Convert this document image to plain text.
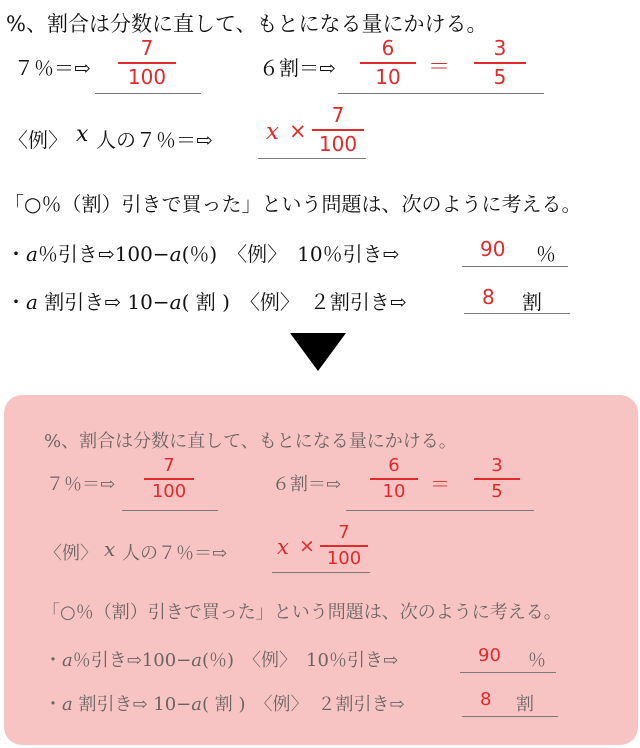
%、割合は分数に直して、もとになる量にかける。
７％＝⇨
7
100	６割＝⇨
6
10	＝
3
5
〈例〉 x 人の７％＝⇨ x ×
7
100
「○％（割）引きで買った」という問題は、次のように考える。
・a％引き⇨100−a(％)　〈例〉　10％引き⇨	90 ％
・a 割引き⇨ 10−a( 割 )　〈例〉　２割引き⇨	8 割
%、割合は分数に直して、もとになる量にかける。
７％＝⇨
7
100	６割＝⇨
6
10	＝
3
5
〈例〉 x 人の７％＝⇨ x ×
7
100
「○％（割）引きで買った」という問題は、次のように考える。
・a％引き⇨100−a(％)　〈例〉　10％引き⇨	90 ％
・a 割引き⇨ 10−a( 割 )　〈例〉　２割引き⇨	8 割
